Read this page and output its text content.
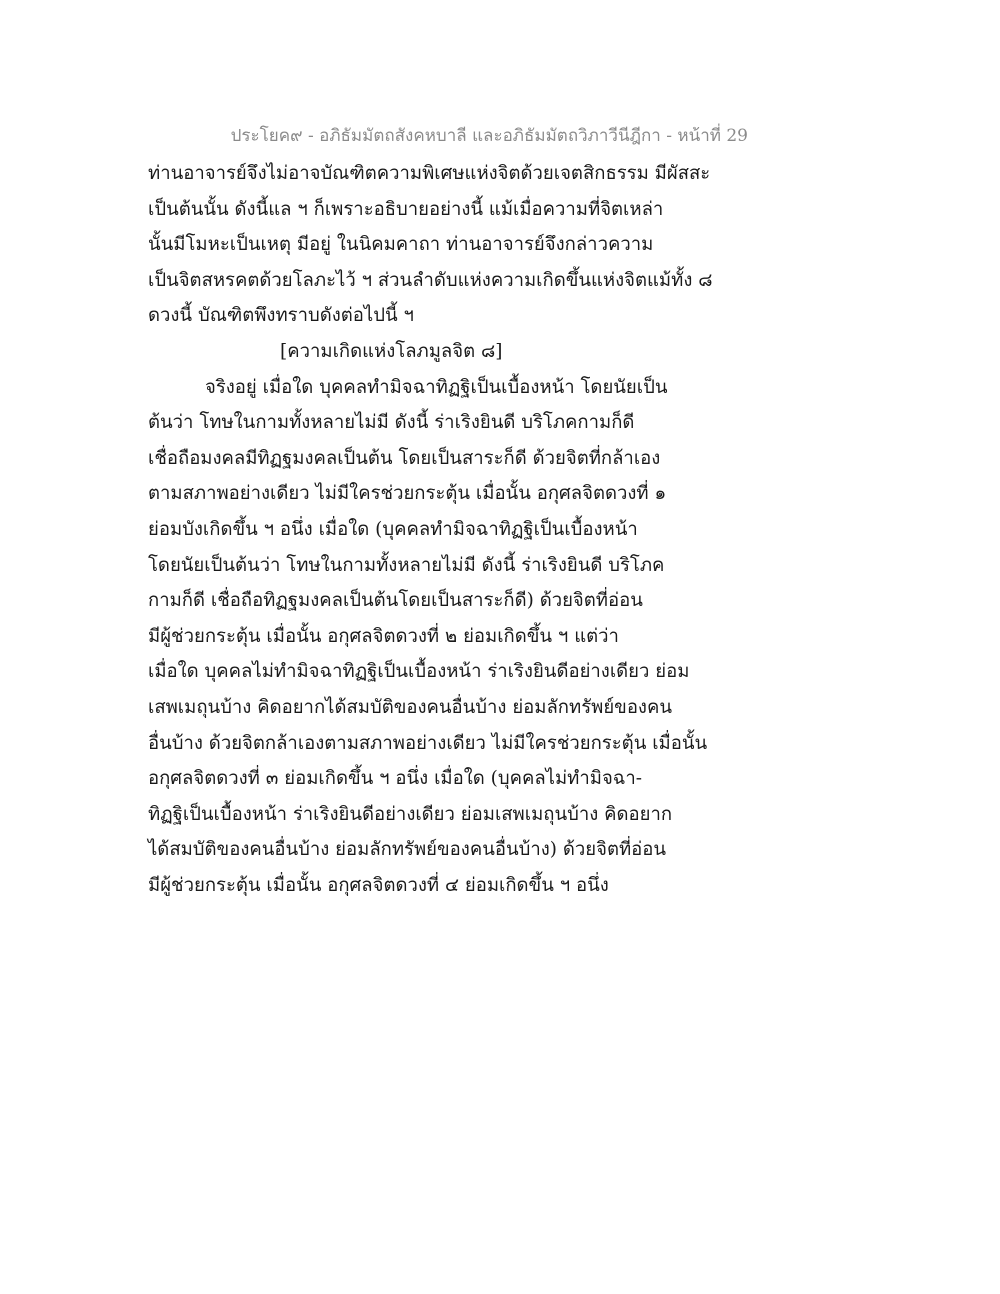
ประโยค๙ - อภิธัมมัตถสังคหบาลี และอภิธัมมัตถวิภาวีนีฎีกา - หน้าที่ 29
ท่านอาจารย์จึงไม่อาจบัณฑิตความพิเศษแห่งจิตด้วยเจตสิกธรรม มีผัสสะ
เป็นต้นนั้น ดังนี้แล ฯ ก็เพราะอธิบายอย่างนี้ แม้เมื่อความที่จิตเหล่า
นั้นมีโมหะเป็นเหตุ มีอยู่ ในนิคมคาถา ท่านอาจารย์จึงกล่าวความ
เป็นจิตสหรคตด้วยโลภะไว้ ฯ ส่วนลำดับแห่งความเกิดขึ้นแห่งจิตแม้ทั้ง ๘
ดวงนี้ บัณฑิตพึงทราบดังต่อไปนี้ ฯ
[ความเกิดแห่งโลภมูลจิต ๘]
จริงอยู่ เมื่อใด บุคคลทำมิจฉาทิฏฐิเป็นเบื้องหน้า โดยนัยเป็น
ต้นว่า โทษในกามทั้งหลายไม่มี ดังนี้ ร่าเริงยินดี บริโภคกามก็ดี
เชื่อถือมงคลมีทิฏฐมงคลเป็นต้น โดยเป็นสาระก็ดี ด้วยจิตที่กล้าเอง
ตามสภาพอย่างเดียว ไม่มีใครช่วยกระตุ้น เมื่อนั้น อกุศลจิตดวงที่ ๑
ย่อมบังเกิดขึ้น ฯ อนึ่ง เมื่อใด (บุคคลทำมิจฉาทิฏฐิเป็นเบื้องหน้า
โดยนัยเป็นต้นว่า โทษในกามทั้งหลายไม่มี ดังนี้ ร่าเริงยินดี บริโภค
กามก็ดี เชื่อถือทิฏฐมงคลเป็นต้นโดยเป็นสาระก็ดี) ด้วยจิตที่อ่อน
มีผู้ช่วยกระตุ้น เมื่อนั้น อกุศลจิตดวงที่ ๒ ย่อมเกิดขึ้น ฯ แต่ว่า
เมื่อใด บุคคลไม่ทำมิจฉาทิฏฐิเป็นเบื้องหน้า ร่าเริงยินดีอย่างเดียว ย่อม
เสพเมถุนบ้าง คิดอยากได้สมบัติของคนอื่นบ้าง ย่อมลักทรัพย์ของคน
อื่นบ้าง ด้วยจิตกล้าเองตามสภาพอย่างเดียว ไม่มีใครช่วยกระตุ้น เมื่อนั้น
อกุศลจิตดวงที่ ๓ ย่อมเกิดขึ้น ฯ อนึ่ง เมื่อใด (บุคคลไม่ทำมิจฉา-
ทิฏฐิเป็นเบื้องหน้า ร่าเริงยินดีอย่างเดียว ย่อมเสพเมถุนบ้าง คิดอยาก
ได้สมบัติของคนอื่นบ้าง ย่อมลักทรัพย์ของคนอื่นบ้าง) ด้วยจิตที่อ่อน
มีผู้ช่วยกระตุ้น เมื่อนั้น อกุศลจิตดวงที่ ๔ ย่อมเกิดขึ้น ฯ อนึ่ง
